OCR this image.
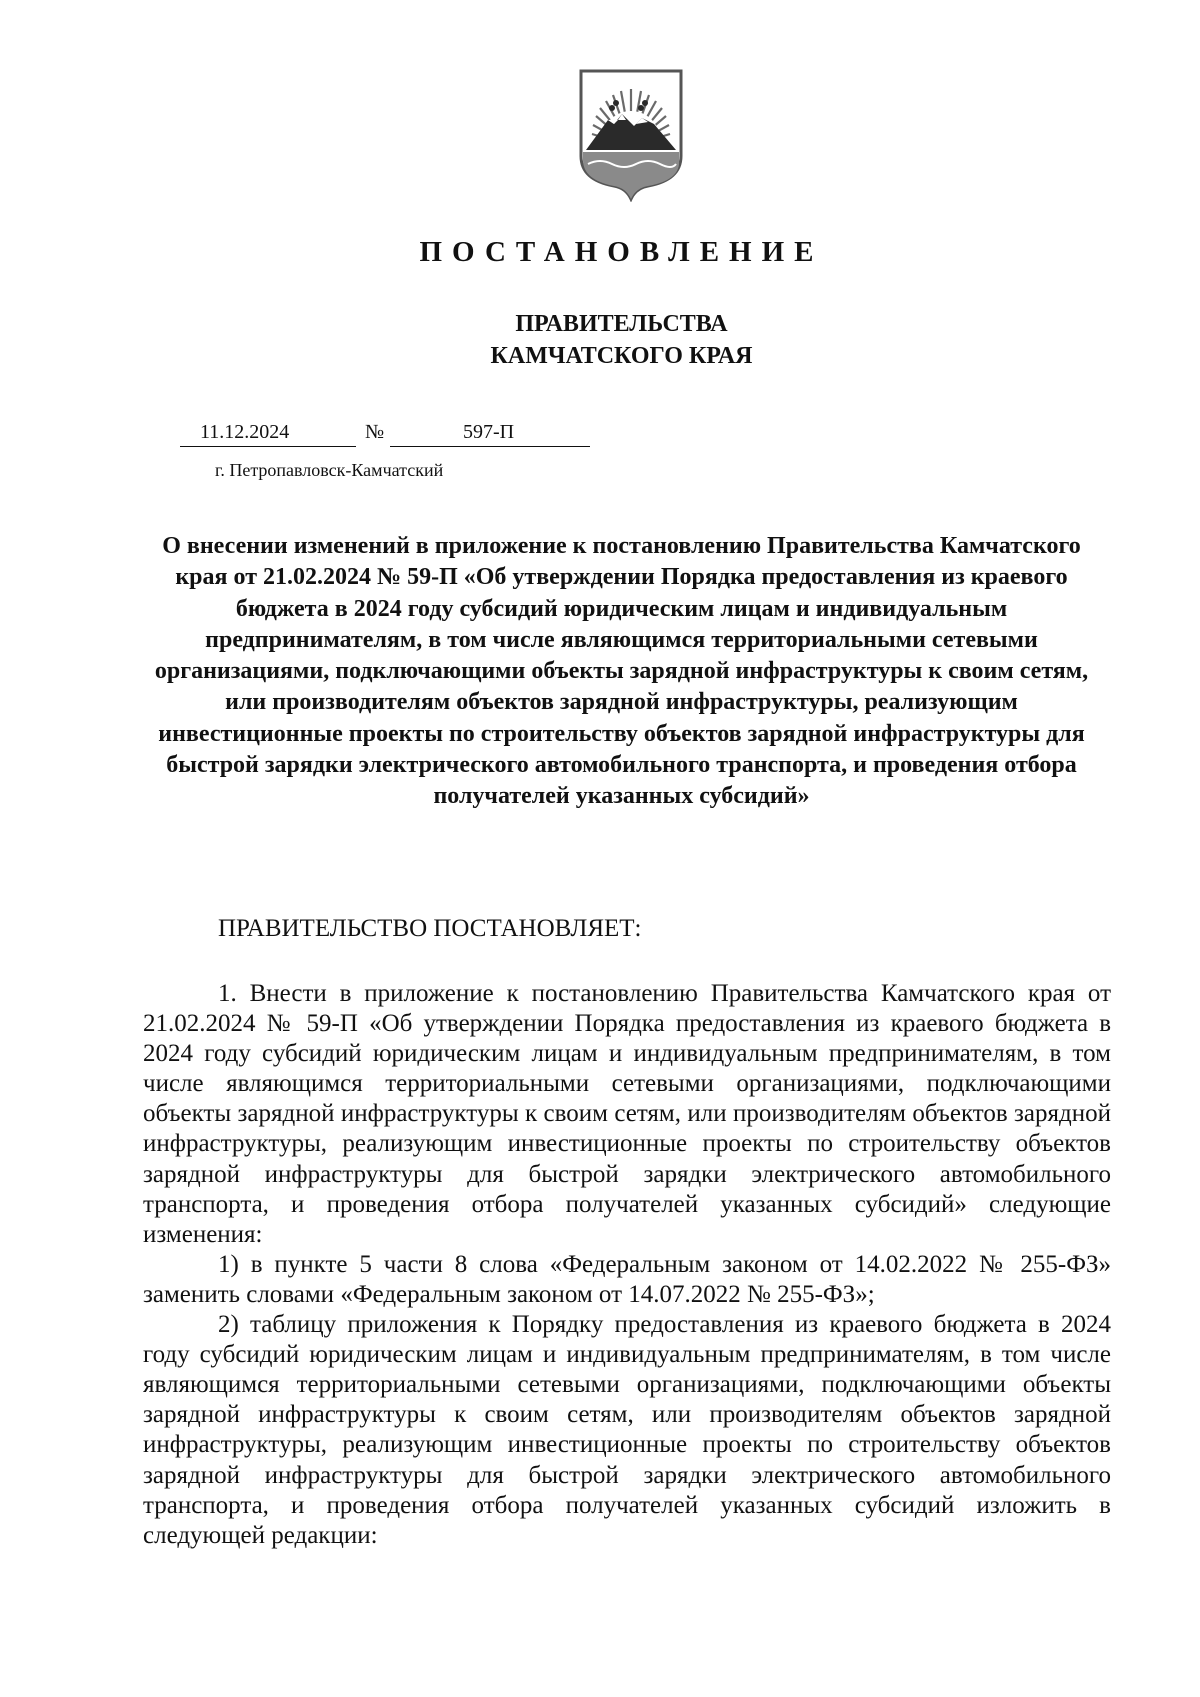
ПОСТАНОВЛЕНИЕ
ПРАВИТЕЛЬСТВА
КАМЧАТСКОГО КРАЯ
11.12.2024	№	597-П
г. Петропавловск-Камчатский
О внесении изменений в приложение к постановлению Правительства Камчатского края от 21.02.2024 № 59-П «Об утверждении Порядка предоставления из краевого бюджета в 2024 году субсидий юридическим лицам и индивидуальным предпринимателям, в том числе являющимся территориальными сетевыми организациями, подключающими объекты зарядной инфраструктуры к своим сетям, или производителям объектов зарядной инфраструктуры, реализующим инвестиционные проекты по строительству объектов зарядной инфраструктуры для быстрой зарядки электрического автомобильного транспорта, и проведения отбора получателей указанных субсидий»
ПРАВИТЕЛЬСТВО ПОСТАНОВЛЯЕТ:

1. Внести в приложение к постановлению Правительства Камчатского края от 21.02.2024 № 59-П «Об утверждении Порядка предоставления из краевого бюджета в 2024 году субсидий юридическим лицам и индивидуальным предпринимателям, в том числе являющимся территориальными сетевыми организациями, подключающими объекты зарядной инфраструктуры к своим сетям, или производителям объектов зарядной инфраструктуры, реализующим инвестиционные проекты по строительству объектов зарядной инфраструктуры для быстрой зарядки электрического автомобильного транспорта, и проведения отбора получателей указанных субсидий» следующие изменения:

1) в пункте 5 части 8 слова «Федеральным законом от 14.02.2022 № 255-ФЗ» заменить словами «Федеральным законом от 14.07.2022 № 255-ФЗ»;

2) таблицу приложения к Порядку предоставления из краевого бюджета в 2024 году субсидий юридическим лицам и индивидуальным предпринимателям, в том числе являющимся территориальными сетевыми организациями, подключающими объекты зарядной инфраструктуры к своим сетям, или производителям объектов зарядной инфраструктуры, реализующим инвестиционные проекты по строительству объектов зарядной инфраструктуры для быстрой зарядки электрического автомобильного транспорта, и проведения отбора получателей указанных субсидий изложить в следующей редакции:
